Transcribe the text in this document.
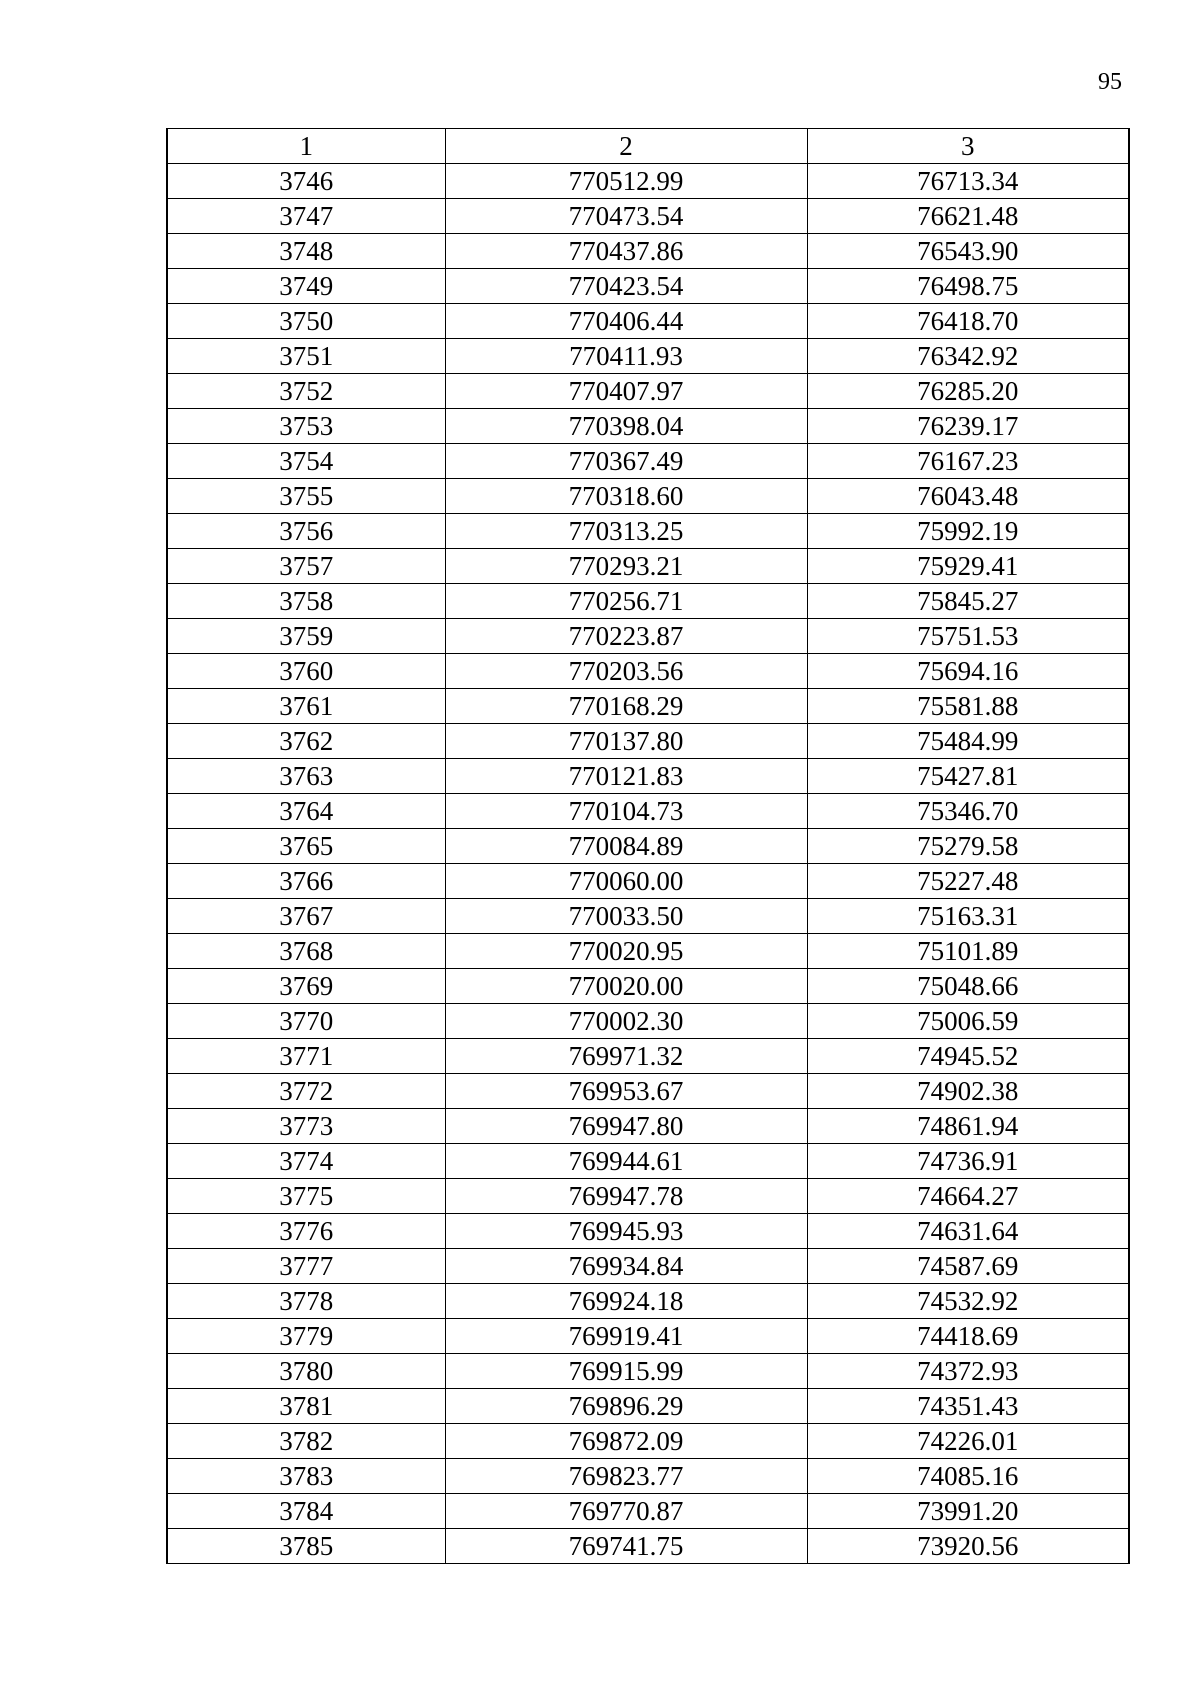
95
1	2	3
3746	770512.99	76713.34
3747	770473.54	76621.48
3748	770437.86	76543.90
3749	770423.54	76498.75
3750	770406.44	76418.70
3751	770411.93	76342.92
3752	770407.97	76285.20
3753	770398.04	76239.17
3754	770367.49	76167.23
3755	770318.60	76043.48
3756	770313.25	75992.19
3757	770293.21	75929.41
3758	770256.71	75845.27
3759	770223.87	75751.53
3760	770203.56	75694.16
3761	770168.29	75581.88
3762	770137.80	75484.99
3763	770121.83	75427.81
3764	770104.73	75346.70
3765	770084.89	75279.58
3766	770060.00	75227.48
3767	770033.50	75163.31
3768	770020.95	75101.89
3769	770020.00	75048.66
3770	770002.30	75006.59
3771	769971.32	74945.52
3772	769953.67	74902.38
3773	769947.80	74861.94
3774	769944.61	74736.91
3775	769947.78	74664.27
3776	769945.93	74631.64
3777	769934.84	74587.69
3778	769924.18	74532.92
3779	769919.41	74418.69
3780	769915.99	74372.93
3781	769896.29	74351.43
3782	769872.09	74226.01
3783	769823.77	74085.16
3784	769770.87	73991.20
3785	769741.75	73920.56
